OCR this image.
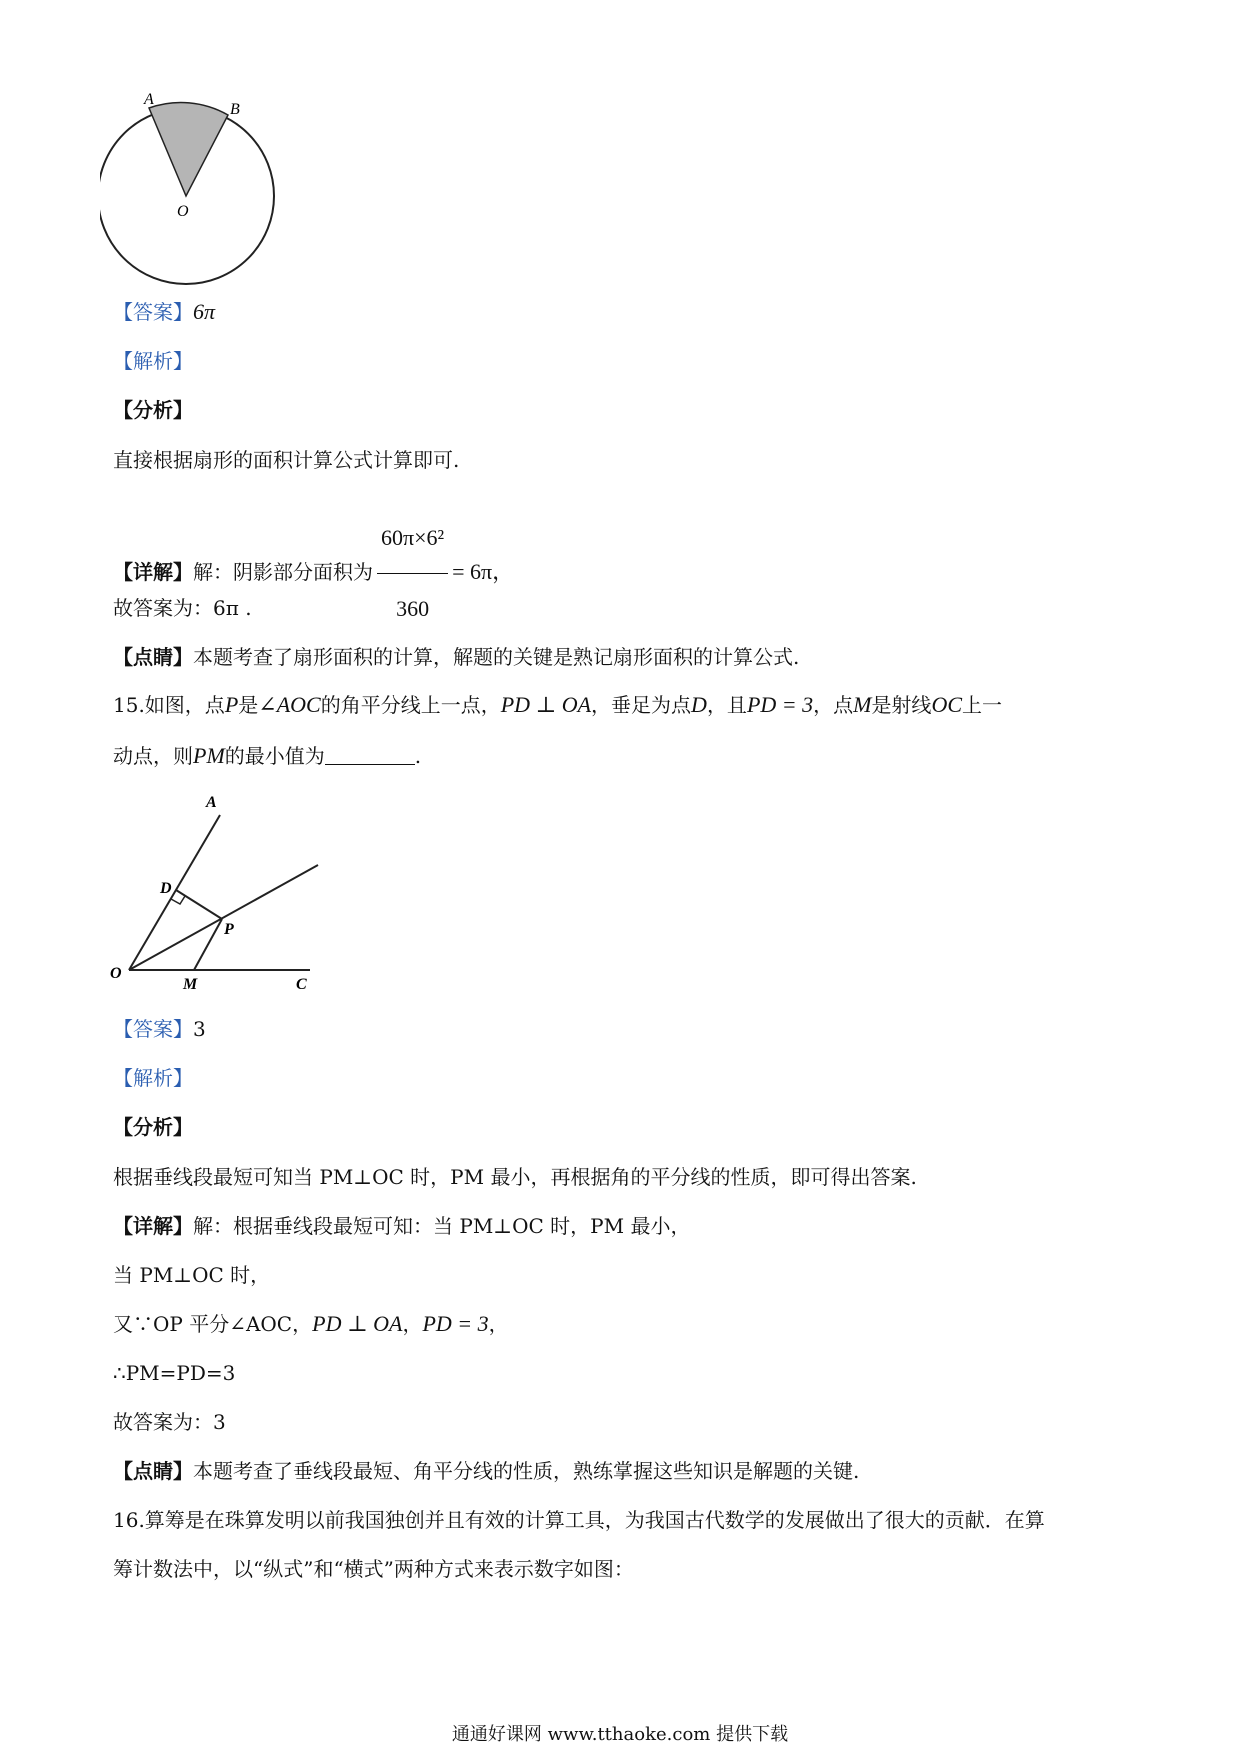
A
B
O
【答案】6π
【解析】
【分析】
直接根据扇形的面积计算公式计算即可.
【详解】解：阴影部分面积为 $\frac{\text{60π×6²}}{360} = 6\pi$，
故答案为：6π .
【点睛】本题考查了扇形面积的计算，解题的关键是熟记扇形面积的计算公式.
15.如图，点P是∠AOC的角平分线上一点，PD ⊥ OA，垂足为点D，且PD = 3，点M是射线OC上一
动点，则PM的最小值为	.
A
D
P
O
M	C
【答案】3
【解析】
【分析】
根据垂线段最短可知当 PM⊥OC 时，PM 最小，再根据角的平分线的性质，即可得出答案.
【详解】解：根据垂线段最短可知：当 PM⊥OC 时，PM 最小，
当 PM⊥OC 时，
又∵OP 平分∠AOC，PD ⊥ OA，PD = 3，
∴PM=PD=3
故答案为：3
【点睛】本题考查了垂线段最短、角平分线的性质，熟练掌握这些知识是解题的关键.
16.算筹是在珠算发明以前我国独创并且有效的计算工具，为我国古代数学的发展做出了很大的贡献．在算
筹计数法中，以“纵式”和“横式”两种方式来表示数字如图：
通通好课网 www.tthaoke.com 提供下载
